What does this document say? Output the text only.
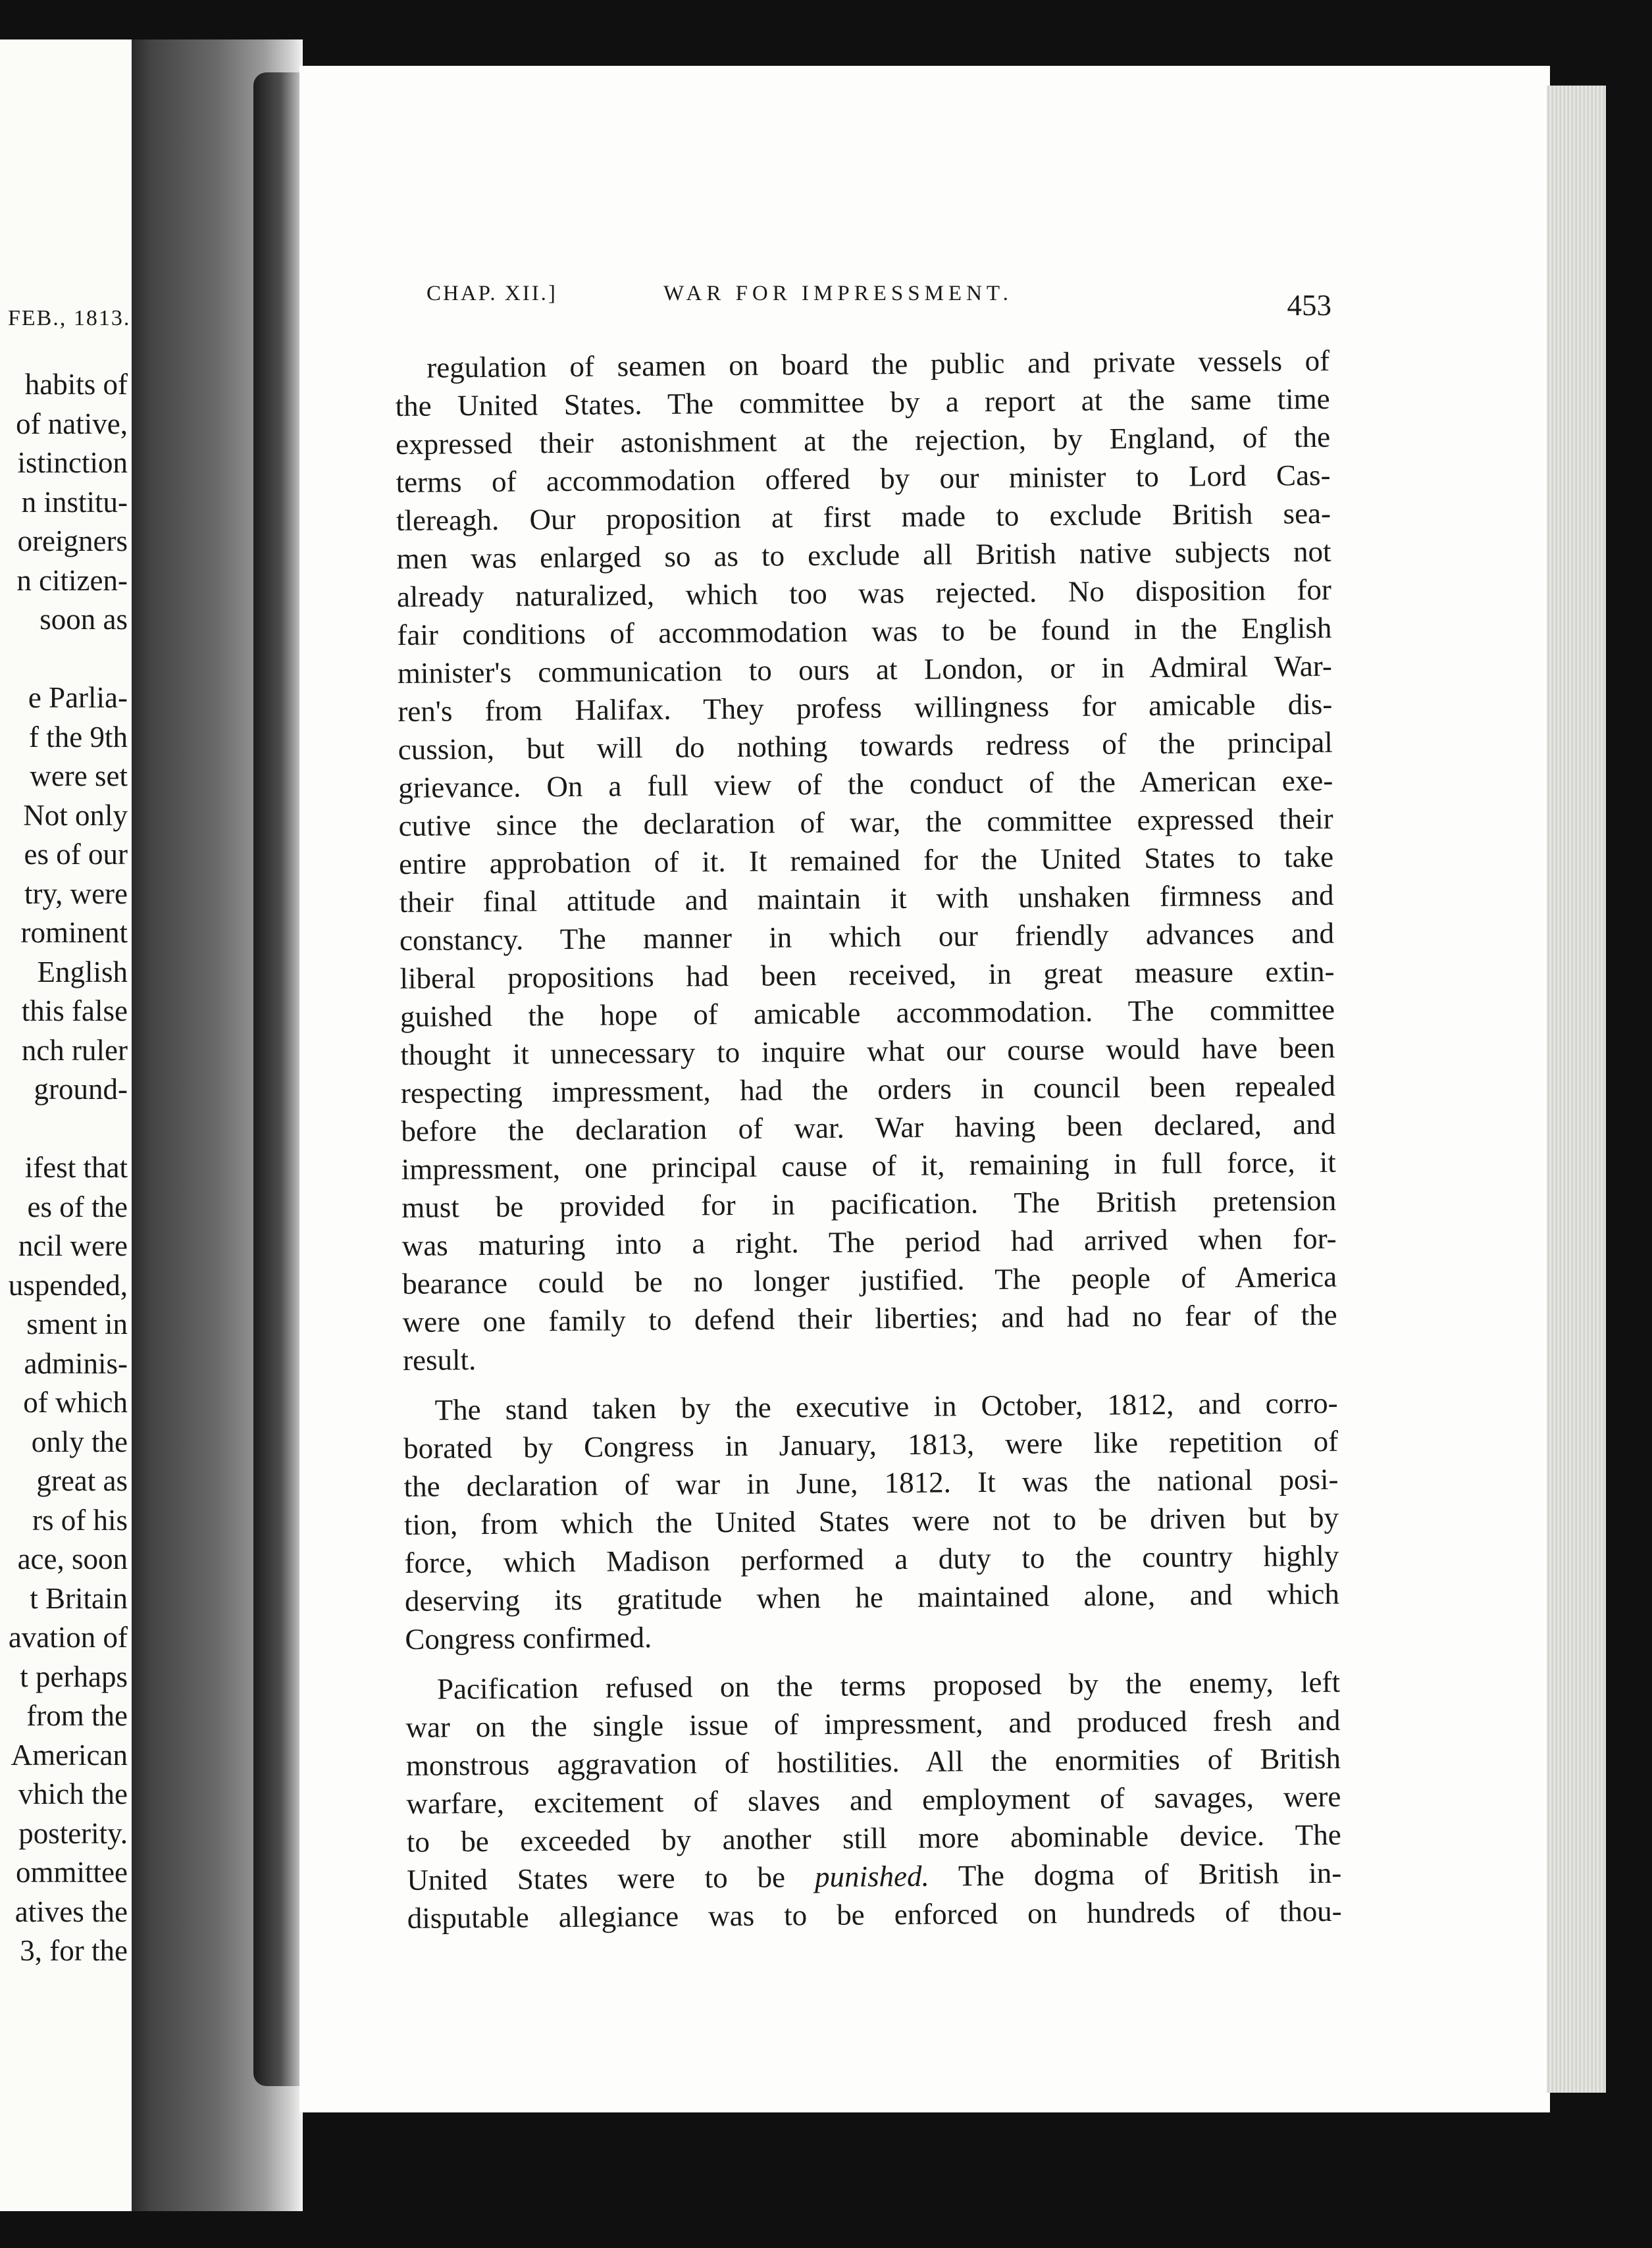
FEB., 1813.
habits of
of native,
istinction
n institu-
oreigners
n citizen-
soon as
e Parlia-
f the 9th
were set
Not only
es of our
try, were
rominent
English
this false
nch ruler
ground-
ifest that
es of the
ncil were
uspended,
sment in
adminis-
of which
only the
great as
rs of his
ace, soon
t Britain
avation of
t perhaps
from the
American
vhich the
posterity.
ommittee
atives the
3, for the
CHAP. XII.]	WAR FOR IMPRESSMENT.	453
regulation of seamen on board the public and private vessels of
the United States. The committee by a report at the same time
expressed their astonishment at the rejection, by England, of the
terms of accommodation offered by our minister to Lord Cas-
tlereagh. Our proposition at first made to exclude British sea-
men was enlarged so as to exclude all British native subjects not
already naturalized, which too was rejected. No disposition for
fair conditions of accommodation was to be found in the English
minister's communication to ours at London, or in Admiral War-
ren's from Halifax. They profess willingness for amicable dis-
cussion, but will do nothing towards redress of the principal
grievance. On a full view of the conduct of the American exe-
cutive since the declaration of war, the committee expressed their
entire approbation of it. It remained for the United States to take
their final attitude and maintain it with unshaken firmness and
constancy. The manner in which our friendly advances and
liberal propositions had been received, in great measure extin-
guished the hope of amicable accommodation. The committee
thought it unnecessary to inquire what our course would have been
respecting impressment, had the orders in council been repealed
before the declaration of war. War having been declared, and
impressment, one principal cause of it, remaining in full force, it
must be provided for in pacification. The British pretension
was maturing into a right. The period had arrived when for-
bearance could be no longer justified. The people of America
were one family to defend their liberties; and had no fear of the
result.
The stand taken by the executive in October, 1812, and corro-
borated by Congress in January, 1813, were like repetition of
the declaration of war in June, 1812. It was the national posi-
tion, from which the United States were not to be driven but by
force, which Madison performed a duty to the country highly
deserving its gratitude when he maintained alone, and which
Congress confirmed.
Pacification refused on the terms proposed by the enemy, left
war on the single issue of impressment, and produced fresh and
monstrous aggravation of hostilities. All the enormities of British
warfare, excitement of slaves and employment of savages, were
to be exceeded by another still more abominable device. The
United States were to be punished. The dogma of British in-
disputable allegiance was to be enforced on hundreds of thou-
